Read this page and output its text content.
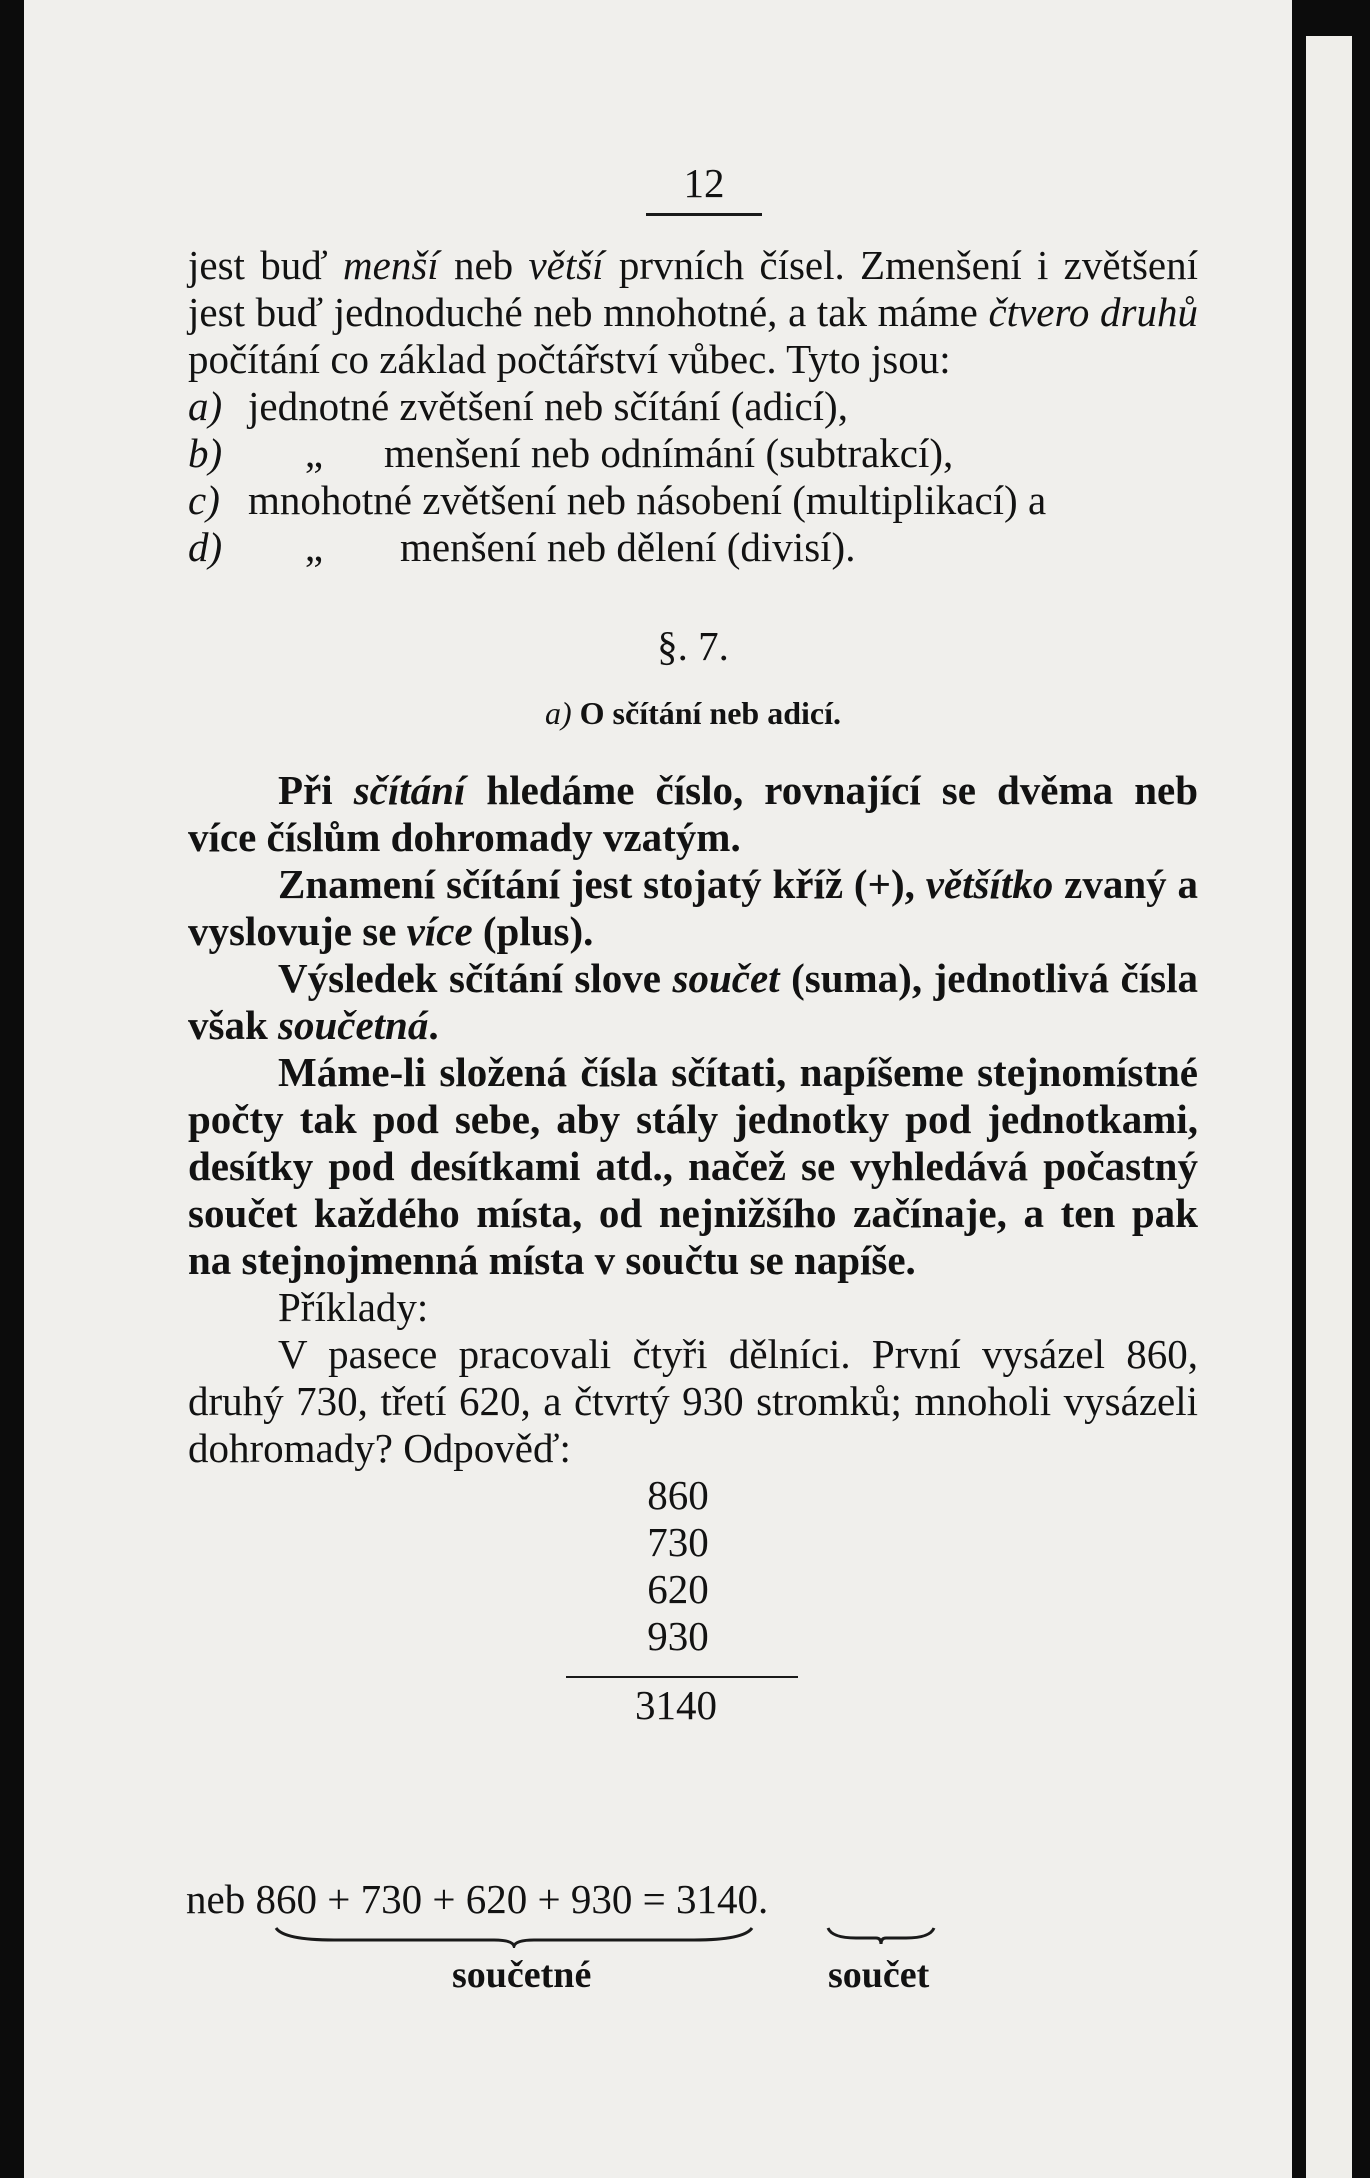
12

jest buď menší neb větší prvních čísel. Zmenšení i zvětšení jest buď jednoduché neb mnohotné, a tak máme čtvero druhů počítání co základ počtářství vůbec. Tyto jsou:

a) jednotné zvětšení neb sčítání (adicí),
b)	„	menšení neb odnímání (subtrakcí),
c) mnohotné zvětšení neb násobení (multiplikací) a
d)	„	menšení neb dělení (divisí).
§. 7.
a) O sčítání neb adicí.

Při sčítání hledáme číslo, rovnající se dvěma neb více číslům dohromady vzatým.

Znamení sčítání jest stojatý kříž (+), většítko zvaný a vyslovuje se více (plus).

Výsledek sčítání slove součet (suma), jednotlivá čísla však součetná.

Máme-li složená čísla sčítati, napíšeme stejnomístné počty tak pod sebe, aby stály jednotky pod jednotkami, desítky pod desítkami atd., načež se vyhledává počastný součet každého místa, od nejnižšího začínaje, a ten pak na stejnojmenná místa v součtu se napíše.

Příklady:

V pasece pracovali čtyři dělníci. První vysázel 860, druhý 730, třetí 620, a čtvrtý 930 stromků; mnoholi vysázeli dohromady? Odpověď:

860
730
620
930
3140
neb 860 + 730 + 620 + 930 = 3140.
součetné	součet
